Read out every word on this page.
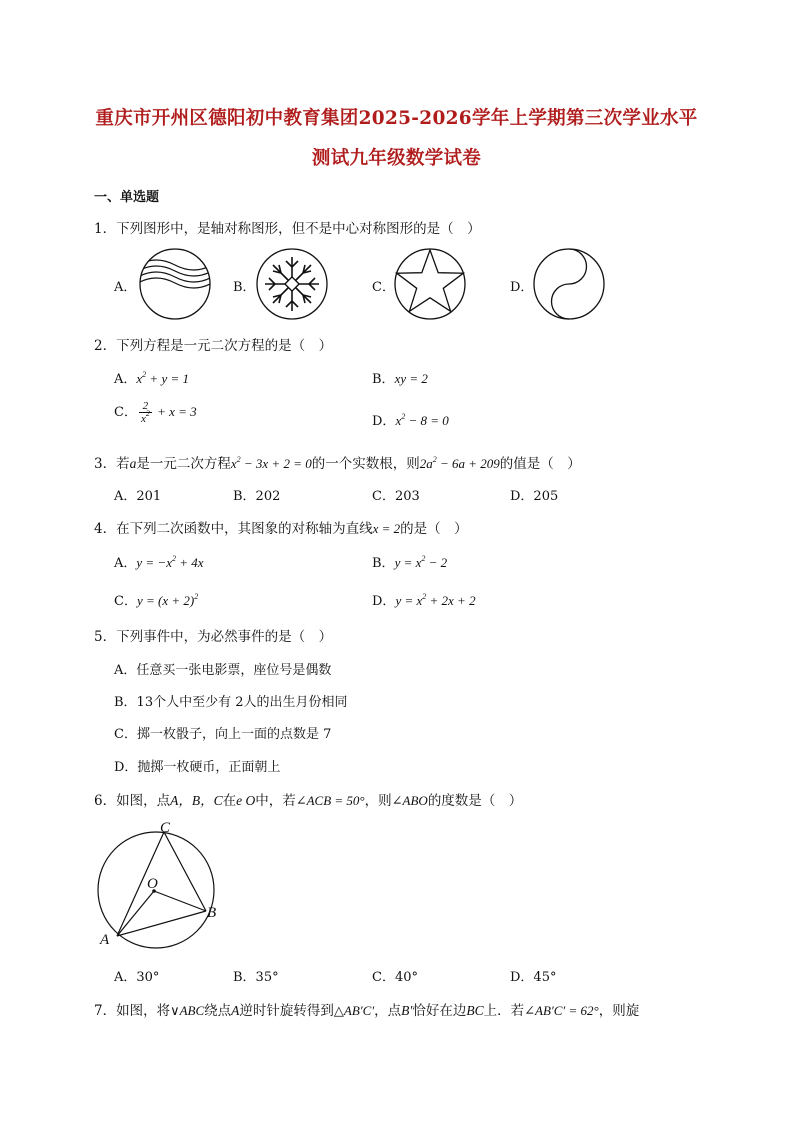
重庆市开州区德阳初中教育集团2025-2026学年上学期第三次学业水平
测试九年级数学试卷
一、单选题
1．下列图形中，是轴对称图形，但不是中心对称图形的是（　）
A．	B．	C．	D．
2．下列方程是一元二次方程的是（　）
A．$x^2 + y = 1$	B．xy = 2
C． $\frac{2}{x^2} + x = 3$
D．$x^2 - 8 = 0$
3．若a是一元二次方程$x^2 - 3x + 2 = 0$的一个实数根，则$2a^2 - 6a + 209$的值是（　）
A．201	B．202	C．203	D．205
4．在下列二次函数中，其图象的对称轴为直线x = 2的是（　）
A．$y = -x^2 + 4x$	B．$y = x^2 - 2$
C．$y = (x + 2)^2$	D．$y = x^2 + 2x + 2$
5．下列事件中，为必然事件的是（　）
A．任意买一张电影票，座位号是偶数
B．13个人中至少有 2人的出生月份相同
C．掷一枚骰子，向上一面的点数是 7
D．抛掷一枚硬币，正面朝上
6．如图，点A，B，C在e O中，若∠ACB = 50°，则∠ABO的度数是（　）
C
O
B
A
A．30°	B．35°	C．40°	D．45°
7．如图，将∨ABC绕点A逆时针旋转得到△AB′C′，点B′恰好在边BC上．若∠AB′C′ = 62°，则旋
